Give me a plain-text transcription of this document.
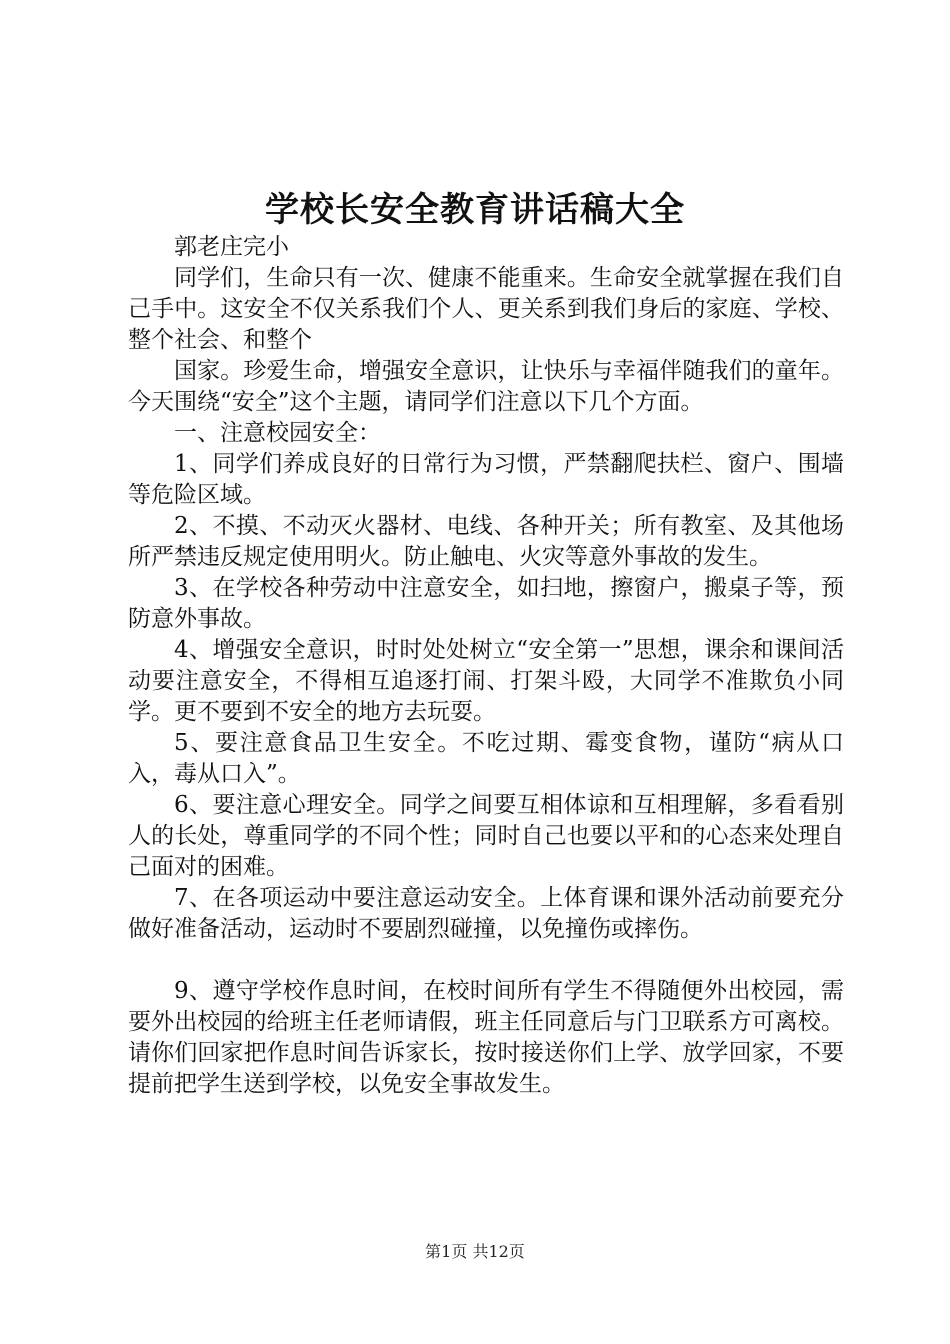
学校长安全教育讲话稿大全

郭老庄完小

同学们，生命只有一次、健康不能重来。生命安全就掌握在我们自己手中。这安全不仅关系我们个人、更关系到我们身后的家庭、学校、整个社会、和整个

国家。珍爱生命，增强安全意识，让快乐与幸福伴随我们的童年。今天围绕“安全”这个主题，请同学们注意以下几个方面。

一、注意校园安全：

1、同学们养成良好的日常行为习惯，严禁翻爬扶栏、窗户、围墙等危险区域。

2、不摸、不动灭火器材、电线、各种开关；所有教室、及其他场所严禁违反规定使用明火。防止触电、火灾等意外事故的发生。

3、在学校各种劳动中注意安全，如扫地，擦窗户，搬桌子等，预防意外事故。

4、增强安全意识，时时处处树立“安全第一”思想，课余和课间活动要注意安全，不得相互追逐打闹、打架斗殴，大同学不准欺负小同学。更不要到不安全的地方去玩耍。

5、要注意食品卫生安全。不吃过期、霉变食物，谨防“病从口入，毒从口入”。

6、要注意心理安全。同学之间要互相体谅和互相理解，多看看别人的长处，尊重同学的不同个性；同时自己也要以平和的心态来处理自己面对的困难。

7、在各项运动中要注意运动安全。上体育课和课外活动前要充分做好准备活动，运动时不要剧烈碰撞，以免撞伤或摔伤。

9、遵守学校作息时间，在校时间所有学生不得随便外出校园，需要外出校园的给班主任老师请假，班主任同意后与门卫联系方可离校。请你们回家把作息时间告诉家长，按时接送你们上学、放学回家，不要提前把学生送到学校，以免安全事故发生。

第1页 共12页
